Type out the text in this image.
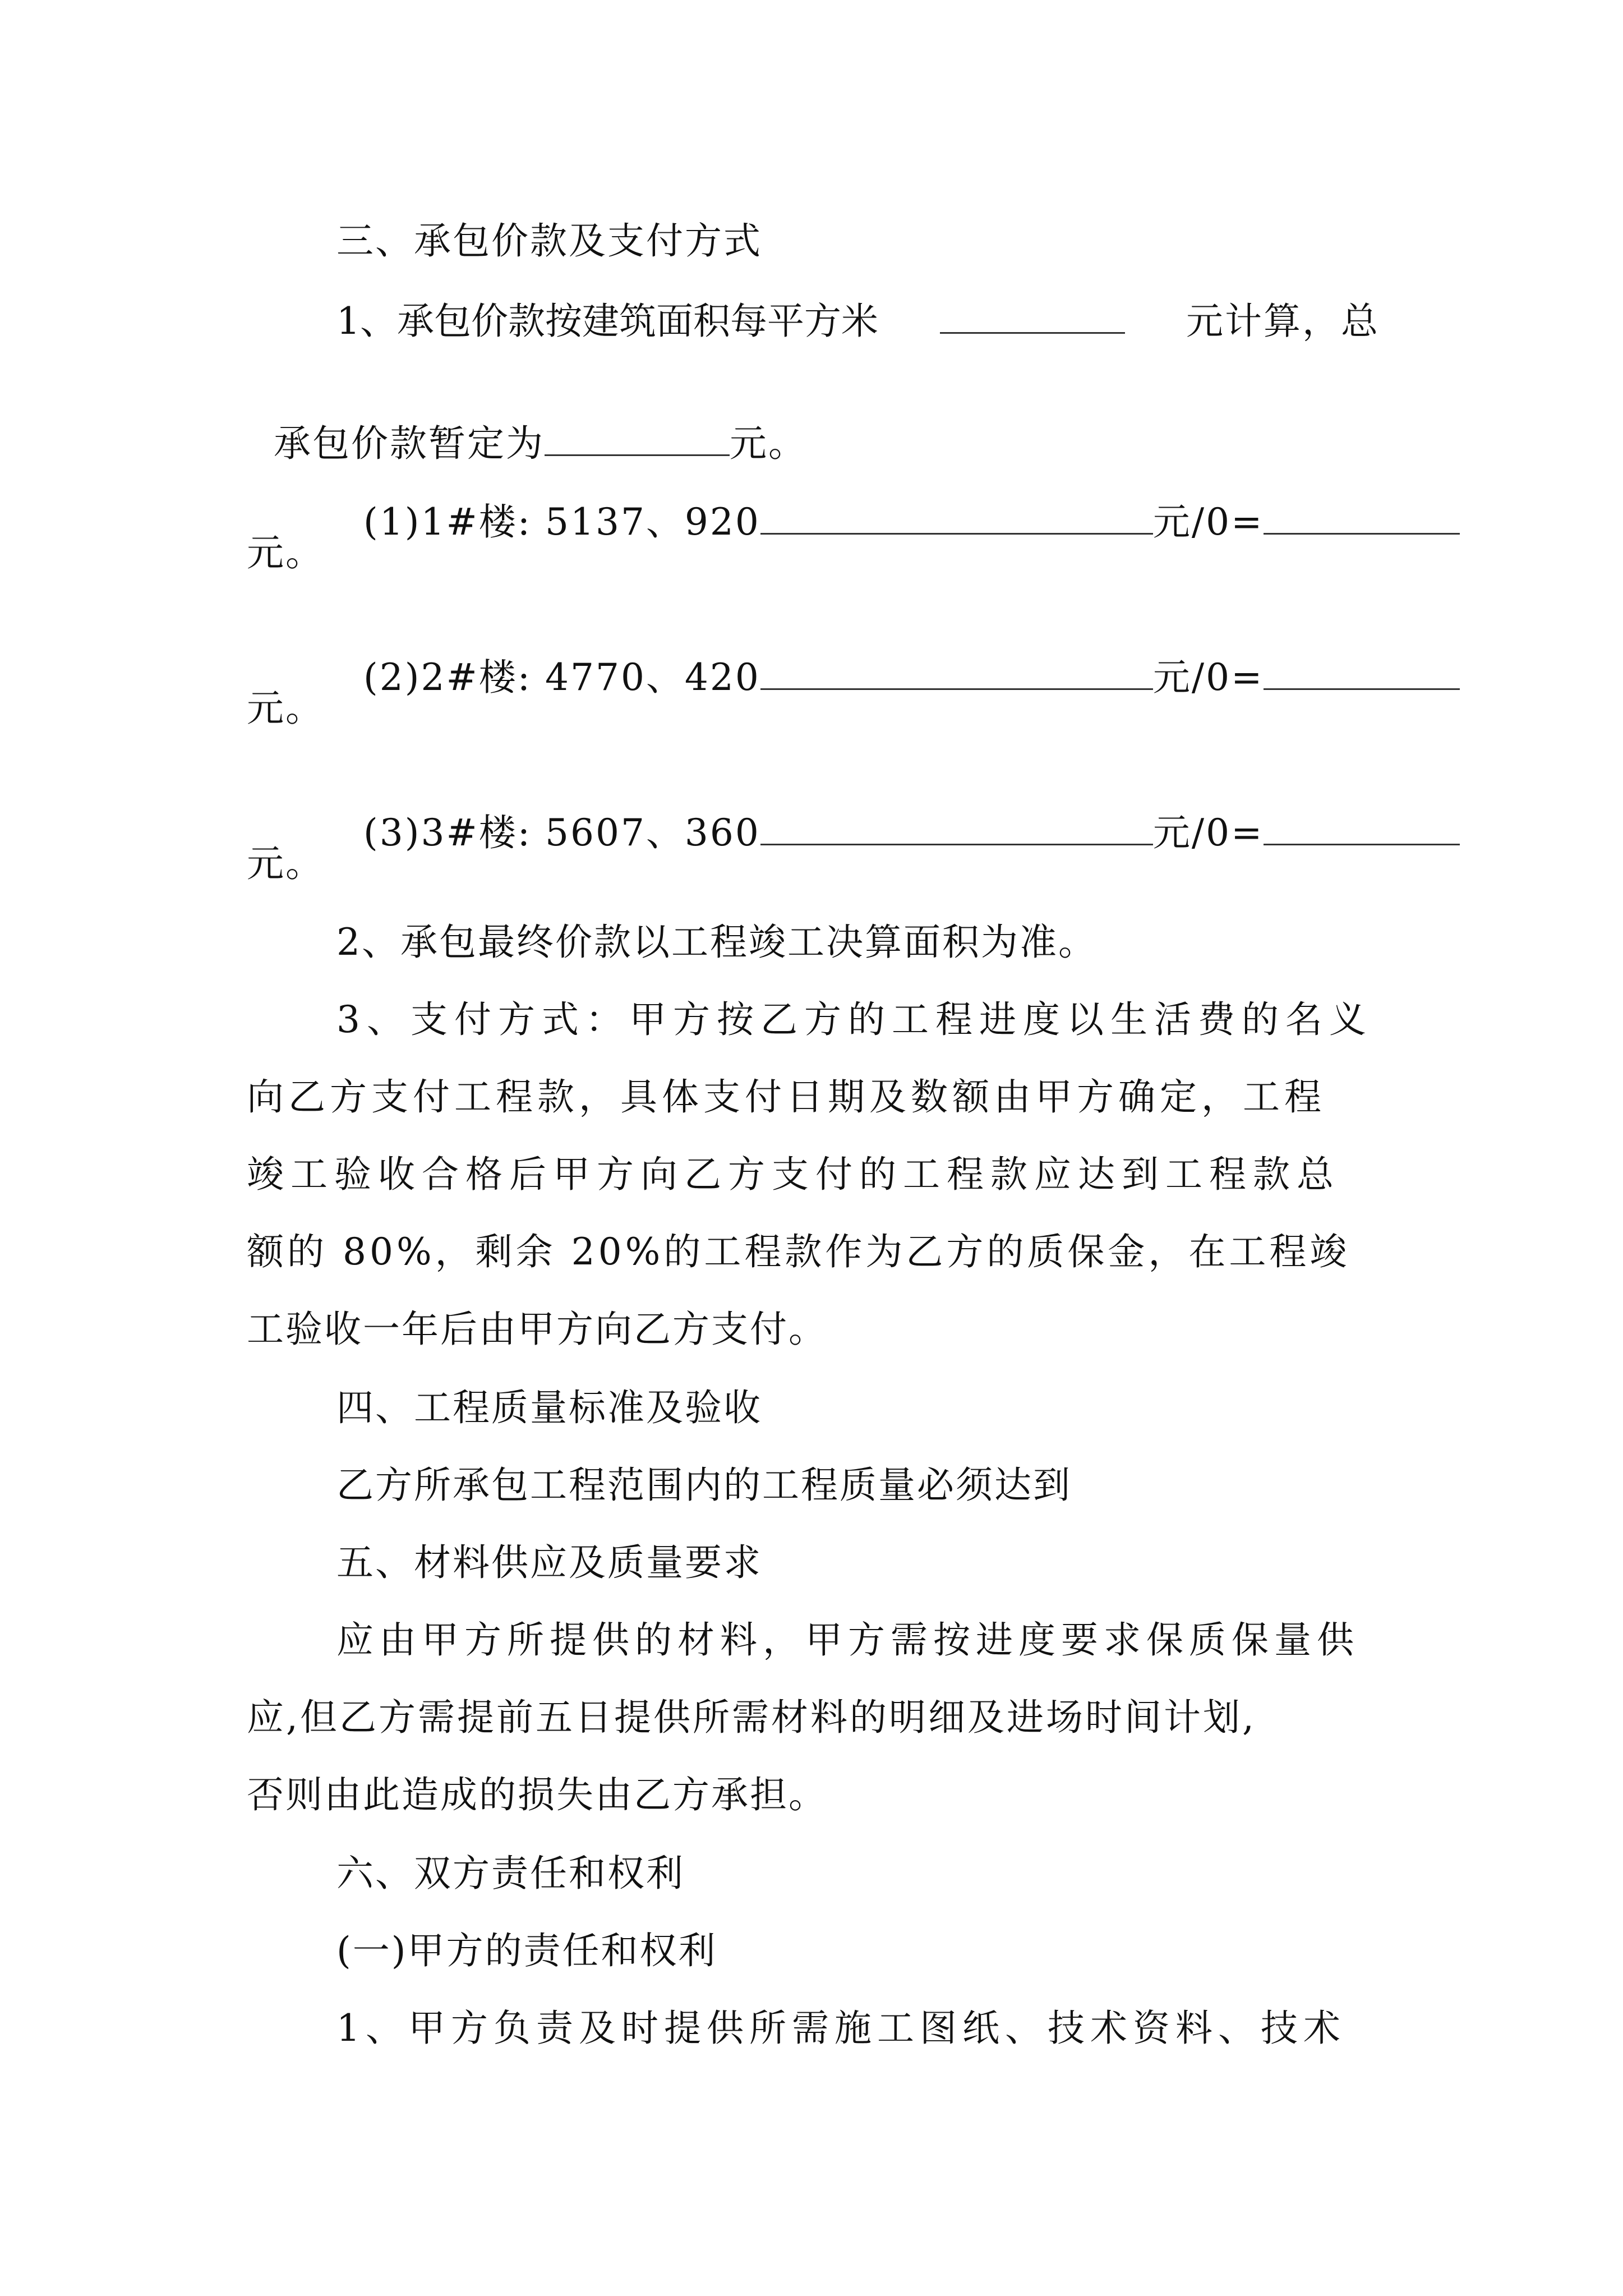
三、承包价款及支付方式
1、承包价款按建筑面积每平方米	元计算，总

承包价款暂定为	元。

(1)1#楼: 5137、920	元/0=

元。

(2)2#楼: 4770、420	元/0=

元。

(3)3#楼: 5607、360	元/0=

元。
2、承包最终价款以工程竣工决算面积为准。
3、支付方式：甲方按乙方的工程进度以生活费的名义
向乙方支付工程款，具体支付日期及数额由甲方确定，工程
竣工验收合格后甲方向乙方支付的工程款应达到工程款总
额的 80%，剩余 20%的工程款作为乙方的质保金，在工程竣
工验收一年后由甲方向乙方支付。
四、工程质量标准及验收
乙方所承包工程范围内的工程质量必须达到
五、材料供应及质量要求
应由甲方所提供的材料，甲方需按进度要求保质保量供
应,但乙方需提前五日提供所需材料的明细及进场时间计划,
否则由此造成的损失由乙方承担。
六、双方责任和权利
(一)甲方的责任和权利
1、甲方负责及时提供所需施工图纸、技术资料、技术
